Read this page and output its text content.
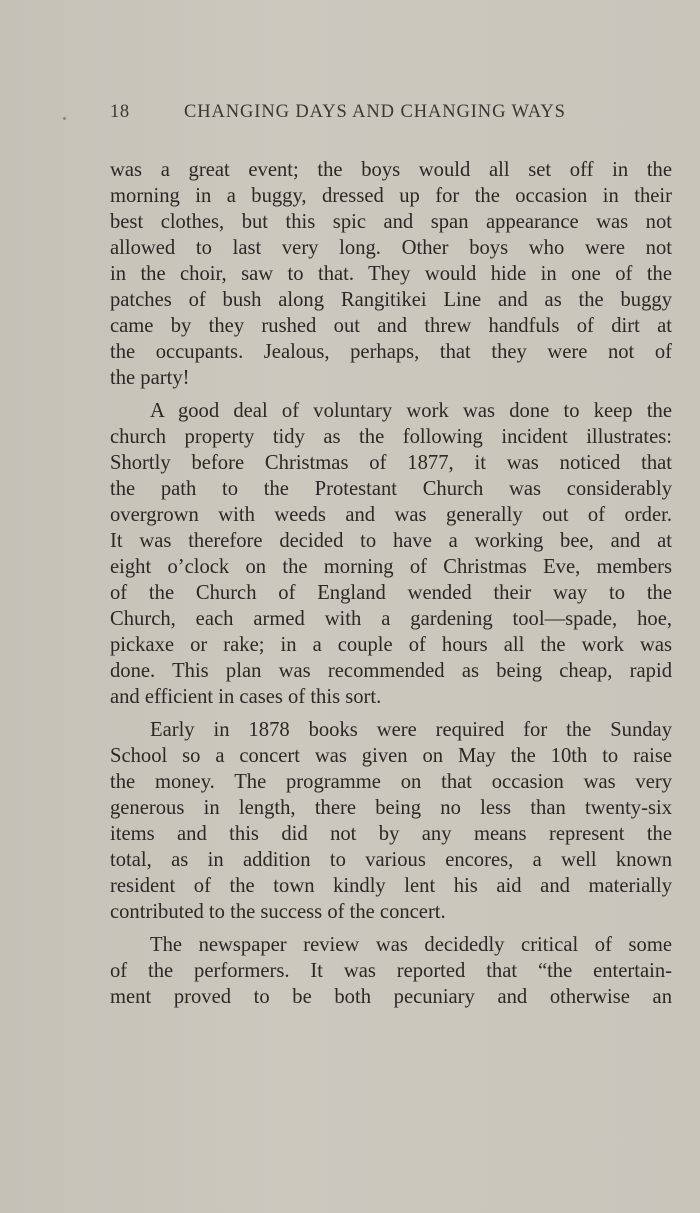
18	CHANGING DAYS AND CHANGING WAYS
was a great event; the boys would all set off in the
morning in a buggy, dressed up for the occasion in their
best clothes, but this spic and span appearance was not
allowed to last very long. Other boys who were not
in the choir, saw to that. They would hide in one of the
patches of bush along Rangitikei Line and as the buggy
came by they rushed out and threw handfuls of dirt at
the occupants. Jealous, perhaps, that they were not of
the party!
A good deal of voluntary work was done to keep the
church property tidy as the following incident illustrates:
Shortly before Christmas of 1877, it was noticed that
the path to the Protestant Church was considerably
overgrown with weeds and was generally out of order.
It was therefore decided to have a working bee, and at
eight o’clock on the morning of Christmas Eve, members
of the Church of England wended their way to the
Church, each armed with a gardening tool—spade, hoe,
pickaxe or rake; in a couple of hours all the work was
done. This plan was recommended as being cheap, rapid
and efficient in cases of this sort.
Early in 1878 books were required for the Sunday
School so a concert was given on May the 10th to raise
the money. The programme on that occasion was very
generous in length, there being no less than twenty-six
items and this did not by any means represent the
total, as in addition to various encores, a well known
resident of the town kindly lent his aid and materially
contributed to the success of the concert.
The newspaper review was decidedly critical of some
of the performers. It was reported that “the entertain-
ment proved to be both pecuniary and otherwise an
